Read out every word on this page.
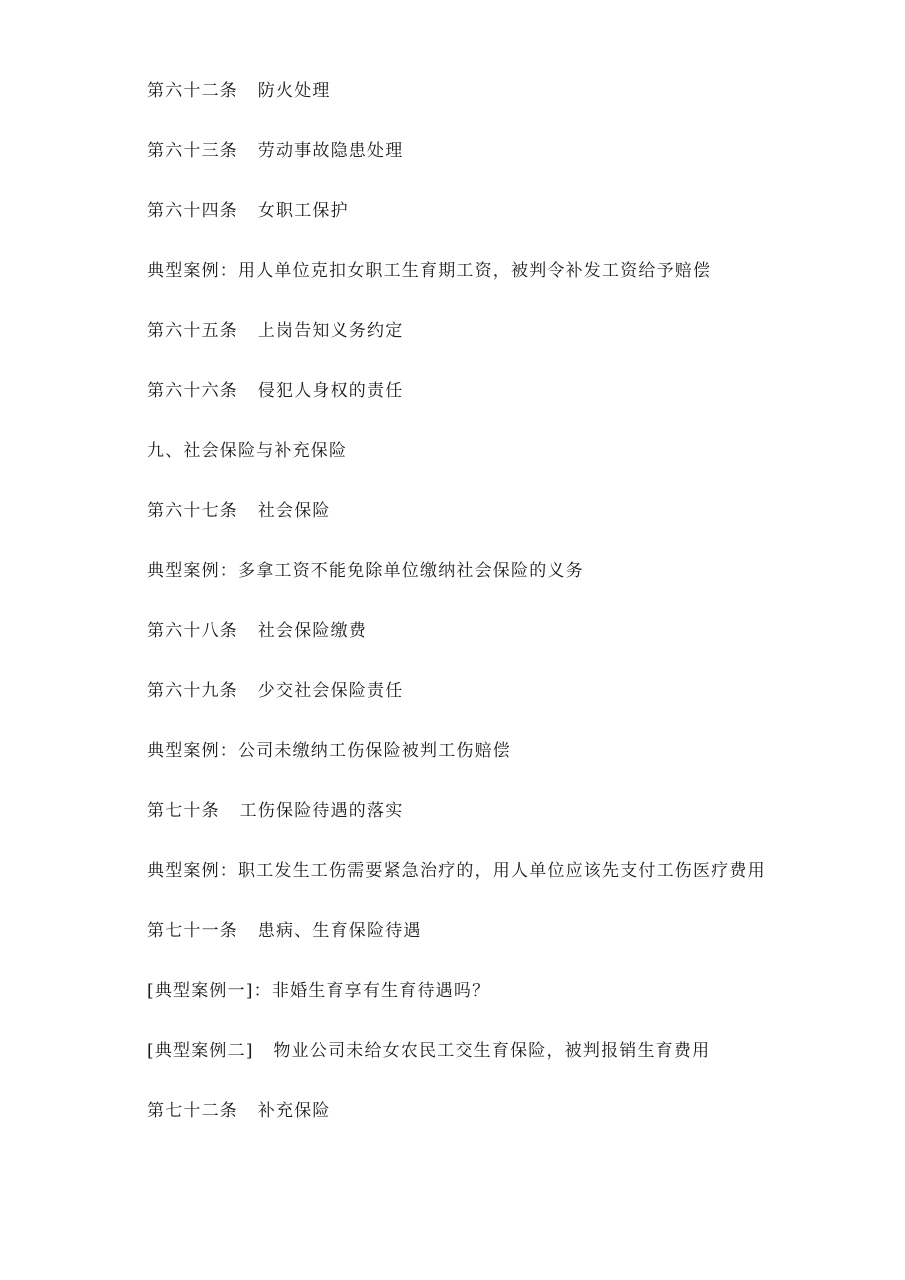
第六十二条   防火处理
第六十三条   劳动事故隐患处理
第六十四条   女职工保护
典型案例：用人单位克扣女职工生育期工资，被判令补发工资给予赔偿
第六十五条   上岗告知义务约定
第六十六条   侵犯人身权的责任
九、社会保险与补充保险
第六十七条   社会保险
典型案例：多拿工资不能免除单位缴纳社会保险的义务
第六十八条   社会保险缴费
第六十九条   少交社会保险责任
典型案例：公司未缴纳工伤保险被判工伤赔偿
第七十条   工伤保险待遇的落实
典型案例：职工发生工伤需要紧急治疗的，用人单位应该先支付工伤医疗费用
第七十一条   患病、生育保险待遇
[典型案例一]：非婚生育享有生育待遇吗？
[典型案例二]   物业公司未给女农民工交生育保险，被判报销生育费用
第七十二条   补充保险
